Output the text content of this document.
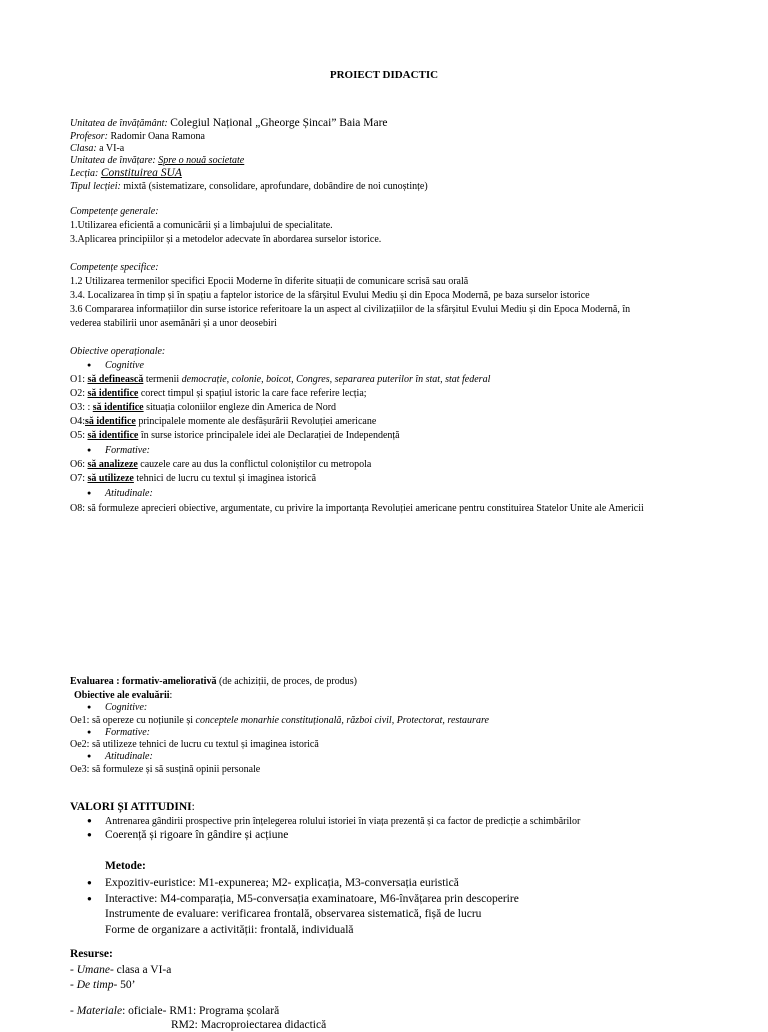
PROIECT DIDACTIC
Unitatea de învățământ: Colegiul Național „Gheorge Șincai” Baia Mare
Profesor: Radomir Oana Ramona
Clasa: a VI-a
Unitatea de învățare: Spre o nouă societate
Lecția: Constituirea SUA
Tipul lecției: mixtă (sistematizare, consolidare, aprofundare, dobândire de noi cunoștințe)
Competențe generale:
1.Utilizarea eficientă a comunicării și a limbajului de specialitate.
3.Aplicarea principiilor și a metodelor adecvate în abordarea surselor istorice.
Competențe specifice:
1.2 Utilizarea termenilor specifici Epocii Moderne în diferite situații de comunicare scrisă sau orală
3.4. Localizarea în timp și în spațiu a faptelor istorice de la sfârșitul Evului Mediu și din Epoca Modernă, pe baza surselor istorice
3.6 Compararea informațiilor din surse istorice referitoare la un aspect al civilizațiilor de la sfârșitul Evului Mediu și din Epoca Modernă, în
vederea stabilirii unor asemănări și a unor deosebiri
Obiective operaționale:
● Cognitive
O1: să definească termenii democrație, colonie, boicot, Congres, separarea puterilor în stat, stat federal
O2: să identifice corect timpul și spațiul istoric la care face referire lecția;
O3: : să identifice situația coloniilor engleze din America de Nord
O4:să identifice principalele momente ale desfășurării Revoluției americane
O5: să identifice în surse istorice principalele idei ale Declarației de Independență
● Formative:
O6: să analizeze cauzele care au dus la conflictul coloniștilor cu metropola
O7: să utilizeze tehnici de lucru cu textul și imaginea istorică
● Atitudinale:
O8: să formuleze aprecieri obiective, argumentate, cu privire la importanța Revoluției americane pentru constituirea Statelor Unite ale Americii
Evaluarea : formativ-ameliorativă (de achiziții, de proces, de produs)
Obiective ale evaluării:
● Cognitive:
Oe1: să opereze cu noțiunile și conceptele monarhie constituțională, război civil, Protectorat, restaurare
● Formative:
Oe2: să utilizeze tehnici de lucru cu textul și imaginea istorică
● Atitudinale:
Oe3: să formuleze și să susțină opinii personale
VALORI ȘI ATITUDINI:
● Antrenarea gândirii prospective prin înțelegerea rolului istoriei în viața prezentă și ca factor de predicție a schimbărilor
● Coerență și rigoare în gândire și acțiune
Metode:
● Expozitiv-euristice: M1-expunerea; M2- explicația, M3-conversația euristică
● Interactive: M4-comparația, M5-conversația examinatoare, M6-învățarea prin descoperire
Instrumente de evaluare: verificarea frontală, observarea sistematică, fișă de lucru
Forme de organizare a activității: frontală, individuală
Resurse:
- Umane- clasa a VI-a
- De timp- 50’
- Materiale: oficiale- RM1: Programa școlară
RM2: Macroproiectarea didactică
